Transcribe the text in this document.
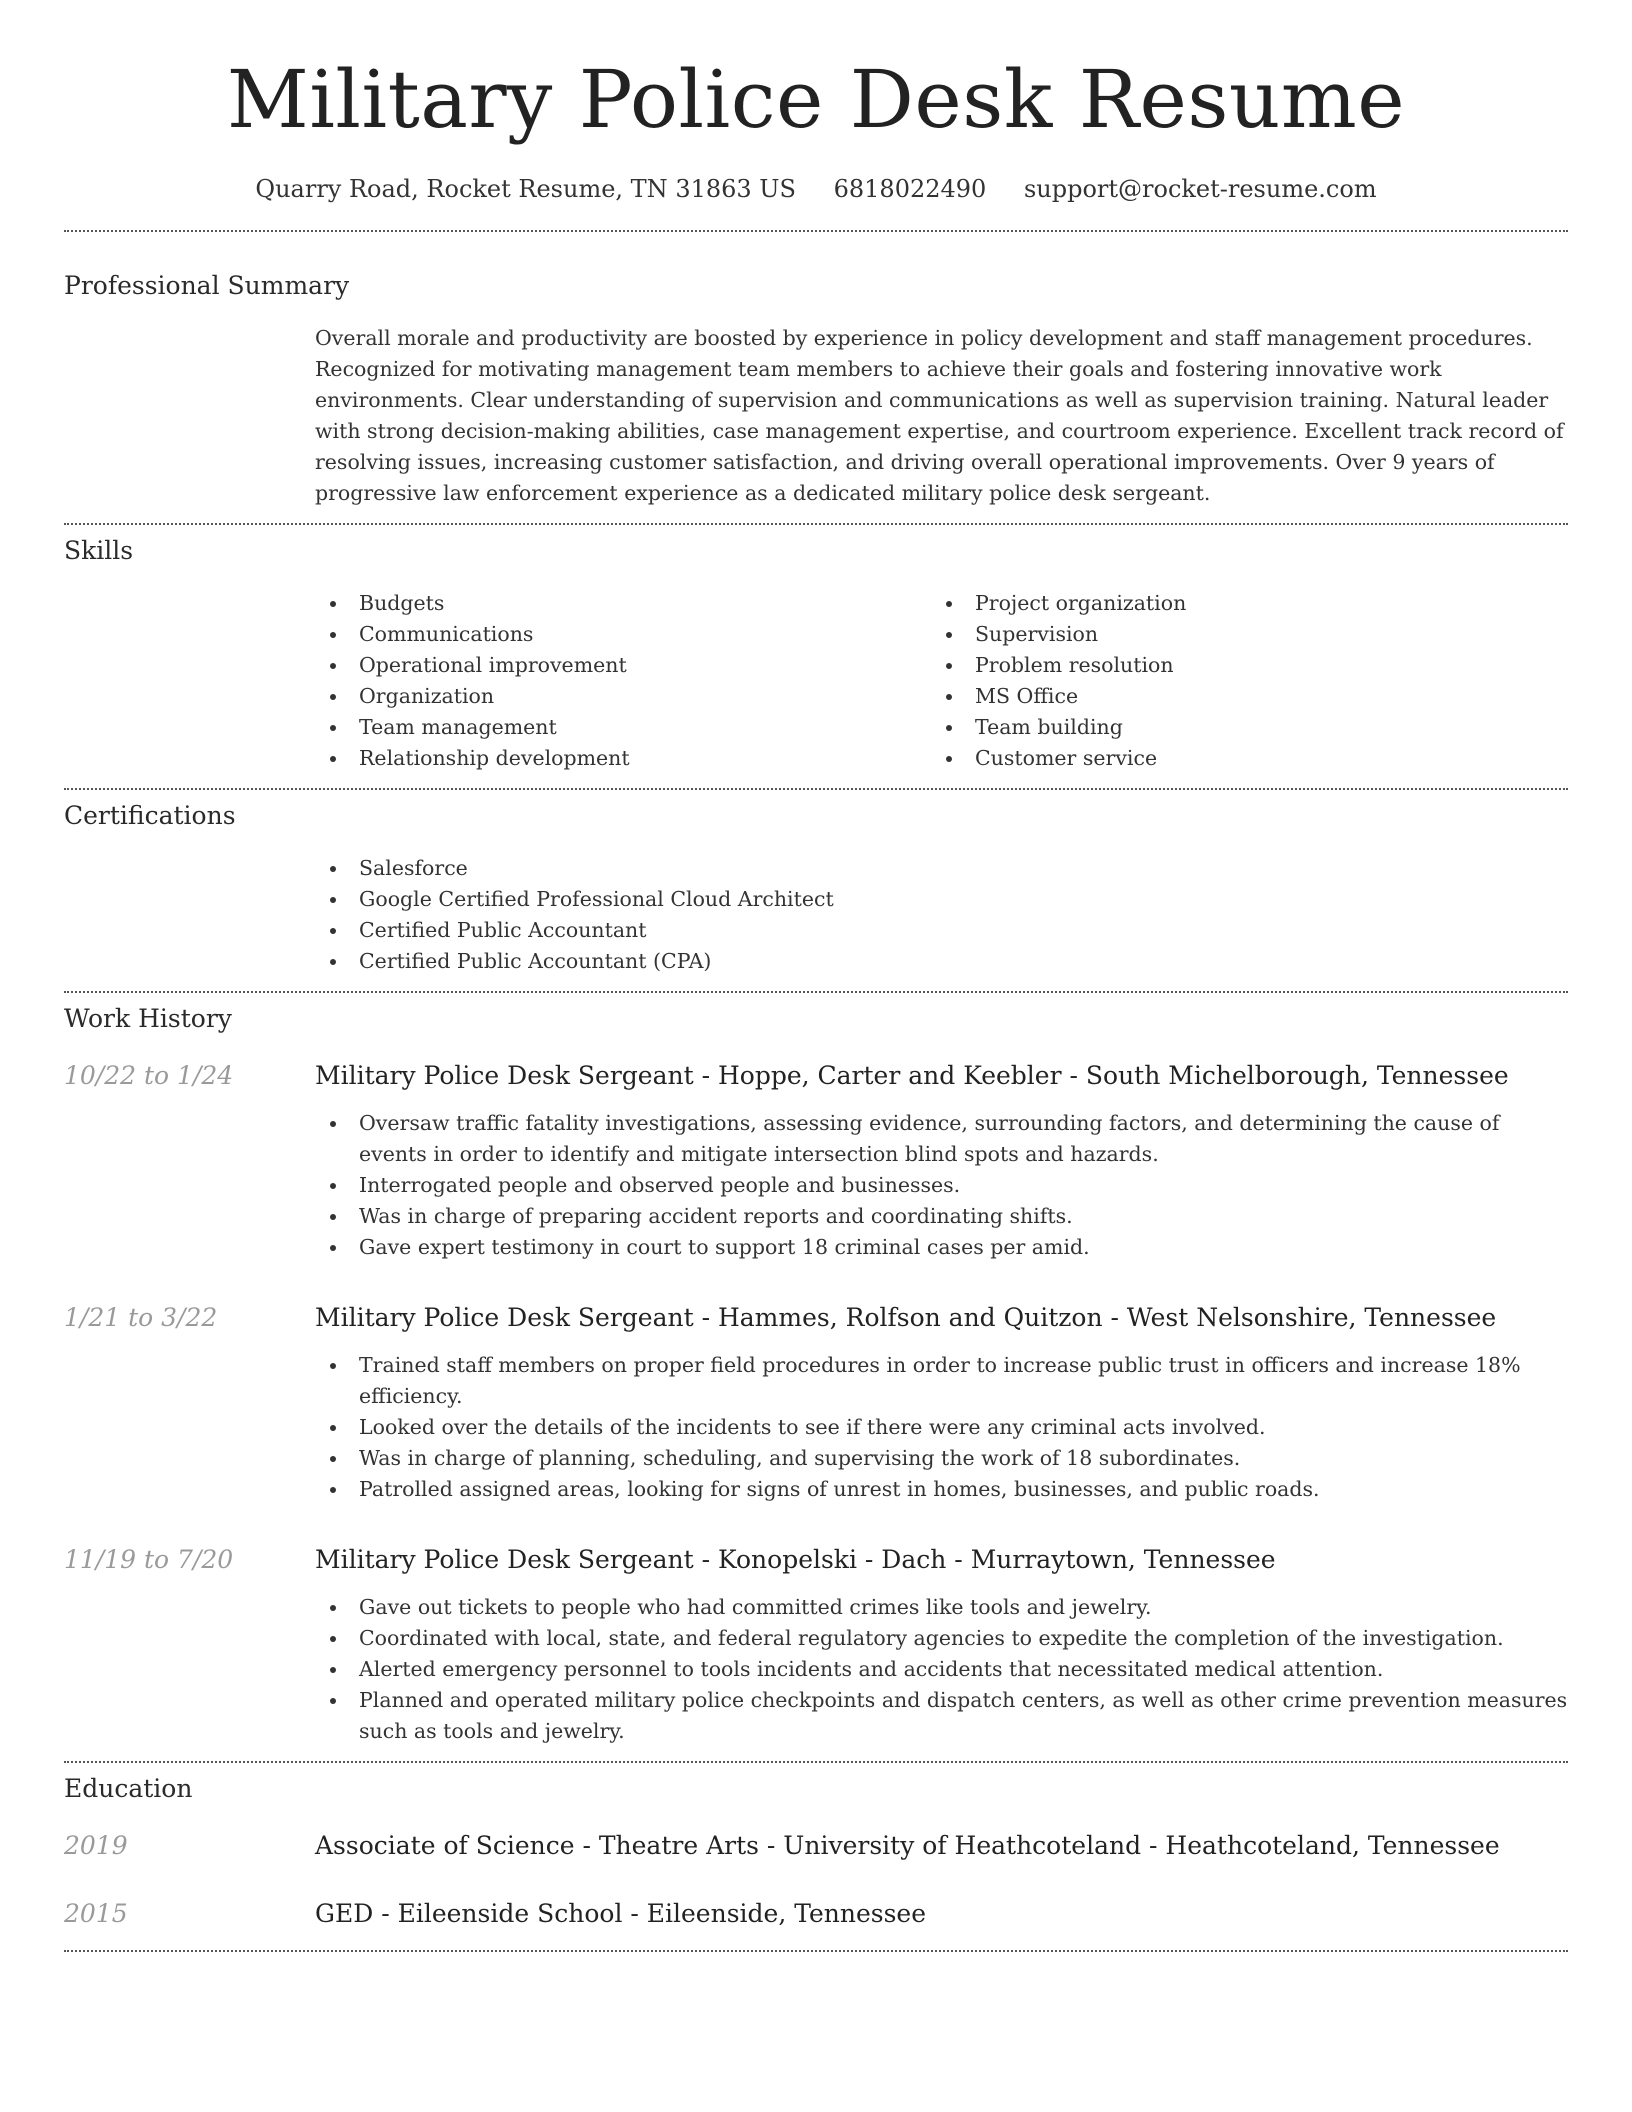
Military Police Desk Resume
Quarry Road, Rocket Resume, TN 31863 US 6818022490 support@rocket-resume.com
Professional Summary
Overall morale and productivity are boosted by experience in policy development and staff management procedures. Recognized for motivating management team members to achieve their goals and fostering innovative work environments. Clear understanding of supervision and communications as well as supervision training. Natural leader with strong decision-making abilities, case management expertise, and courtroom experience. Excellent track record of resolving issues, increasing customer satisfaction, and driving overall operational improvements. Over 9 years of progressive law enforcement experience as a dedicated military police desk sergeant.
Skills
Budgets
Communications
Operational improvement
Organization
Team management
Relationship development
Project organization
Supervision
Problem resolution
MS Office
Team building
Customer service
Certifications
Salesforce
Google Certified Professional Cloud Architect
Certified Public Accountant
Certified Public Accountant (CPA)
Work History
10/22 to 1/24	Military Police Desk Sergeant - Hoppe, Carter and Keebler - South Michelborough, Tennessee
Oversaw traffic fatality investigations, assessing evidence, surrounding factors, and determining the cause of events in order to identify and mitigate intersection blind spots and hazards.
Interrogated people and observed people and businesses.
Was in charge of preparing accident reports and coordinating shifts.
Gave expert testimony in court to support 18 criminal cases per amid.
1/21 to 3/22	Military Police Desk Sergeant - Hammes, Rolfson and Quitzon - West Nelsonshire, Tennessee
Trained staff members on proper field procedures in order to increase public trust in officers and increase 18% efficiency.
Looked over the details of the incidents to see if there were any criminal acts involved.
Was in charge of planning, scheduling, and supervising the work of 18 subordinates.
Patrolled assigned areas, looking for signs of unrest in homes, businesses, and public roads.
11/19 to 7/20	Military Police Desk Sergeant - Konopelski - Dach - Murraytown, Tennessee
Gave out tickets to people who had committed crimes like tools and jewelry.
Coordinated with local, state, and federal regulatory agencies to expedite the completion of the investigation.
Alerted emergency personnel to tools incidents and accidents that necessitated medical attention.
Planned and operated military police checkpoints and dispatch centers, as well as other crime prevention measures such as tools and jewelry.
Education
2019	Associate of Science - Theatre Arts - University of Heathcoteland - Heathcoteland, Tennessee
2015	GED - Eileenside School - Eileenside, Tennessee
